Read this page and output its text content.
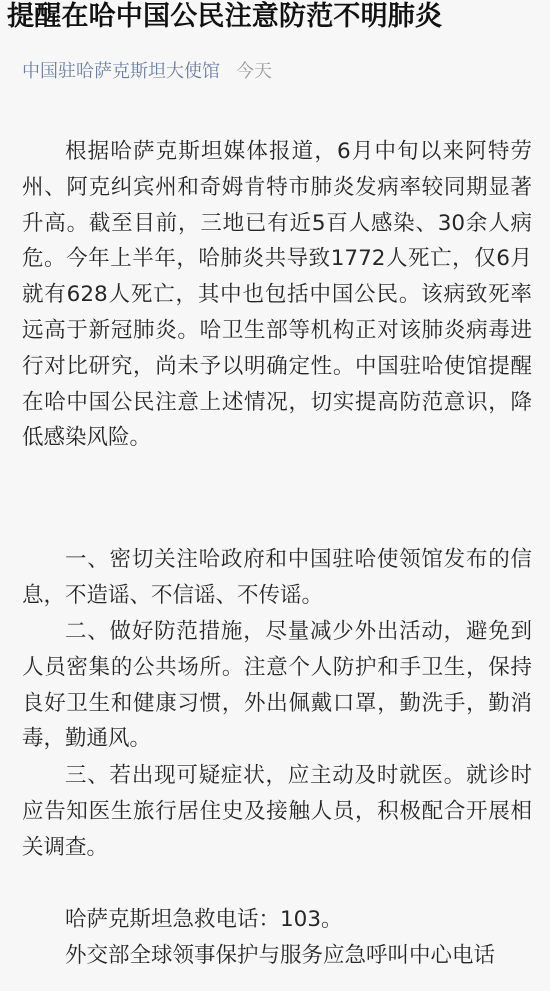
提醒在哈中国公民注意防范不明肺炎
中国驻哈萨克斯坦大使馆 今天

根据哈萨克斯坦媒体报道，6月中旬以来阿特劳州、阿克纠宾州和奇姆肯特市肺炎发病率较同期显著升高。截至目前，三地已有近5百人感染、30余人病危。今年上半年，哈肺炎共导致1772人死亡，仅6月就有628人死亡，其中也包括中国公民。该病致死率远高于新冠肺炎。哈卫生部等机构正对该肺炎病毒进行对比研究，尚未予以明确定性。中国驻哈使馆提醒在哈中国公民注意上述情况，切实提高防范意识，降低感染风险。

一、密切关注哈政府和中国驻哈使领馆发布的信息，不造谣、不信谣、不传谣。

二、做好防范措施，尽量减少外出活动，避免到人员密集的公共场所。注意个人防护和手卫生，保持良好卫生和健康习惯，外出佩戴口罩，勤洗手，勤消毒，勤通风。

三、若出现可疑症状，应主动及时就医。就诊时应告知医生旅行居住史及接触人员，积极配合开展相关调查。

哈萨克斯坦急救电话：103。

外交部全球领事保护与服务应急呼叫中心电话
